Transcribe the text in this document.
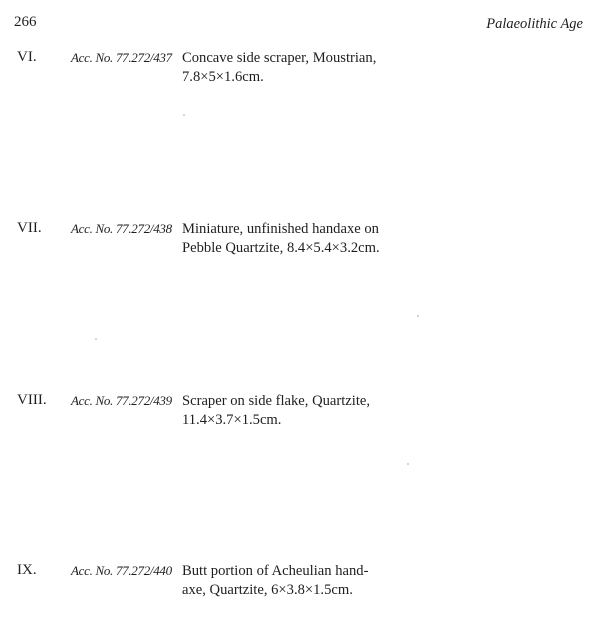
266	Palaeolithic Age
VI.	Acc. No. 77.272/437 Concave side scraper, Moustrian,
7.8×5×1.6cm.
VII. Acc. No. 77.272/438 Miniature, unfinished handaxe on
Pebble Quartzite, 8.4×5.4×3.2cm.
VIII. Acc. No. 77.272/439 Scraper on side flake, Quartzite,
11.4×3.7×1.5cm.
IX.	Acc. No. 77.272/440 Butt portion of Acheulian hand-
axe, Quartzite, 6×3.8×1.5cm.
